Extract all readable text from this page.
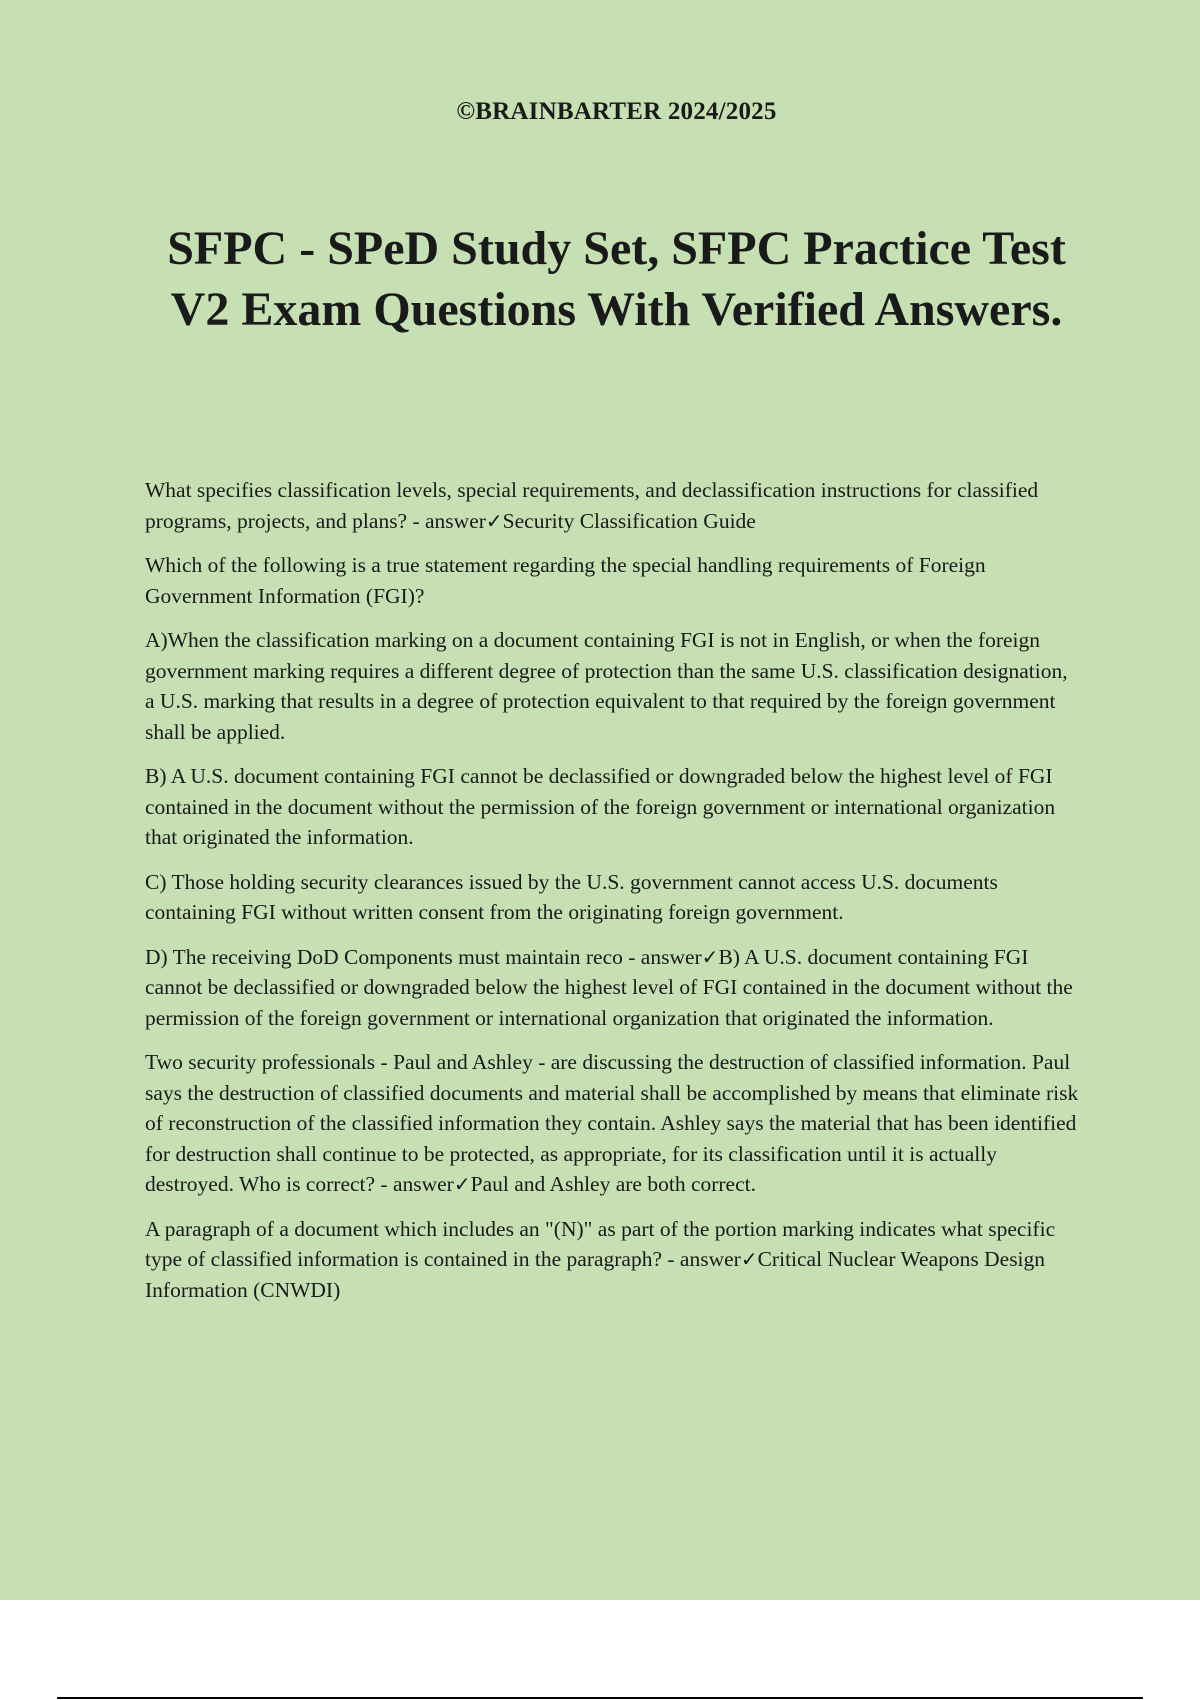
©BRAINBARTER 2024/2025
SFPC - SPeD Study Set, SFPC Practice Test
V2 Exam Questions With Verified Answers.

What specifies classification levels, special requirements, and declassification instructions for classified programs, projects, and plans? - answer✓Security Classification Guide

Which of the following is a true statement regarding the special handling requirements of Foreign Government Information (FGI)?

A)When the classification marking on a document containing FGI is not in English, or when the foreign government marking requires a different degree of protection than the same U.S. classification designation, a U.S. marking that results in a degree of protection equivalent to that required by the foreign government shall be applied.

B) A U.S. document containing FGI cannot be declassified or downgraded below the highest level of FGI contained in the document without the permission of the foreign government or international organization that originated the information.

C) Those holding security clearances issued by the U.S. government cannot access U.S. documents containing FGI without written consent from the originating foreign government.

D) The receiving DoD Components must maintain reco - answer✓B) A U.S. document containing FGI cannot be declassified or downgraded below the highest level of FGI contained in the document without the permission of the foreign government or international organization that originated the information.

Two security professionals - Paul and Ashley - are discussing the destruction of classified information. Paul says the destruction of classified documents and material shall be accomplished by means that eliminate risk of reconstruction of the classified information they contain. Ashley says the material that has been identified for destruction shall continue to be protected, as appropriate, for its classification until it is actually destroyed. Who is correct? - answer✓Paul and Ashley are both correct.

A paragraph of a document which includes an "(N)" as part of the portion marking indicates what specific type of classified information is contained in the paragraph? - answer✓Critical Nuclear Weapons Design Information (CNWDI)
